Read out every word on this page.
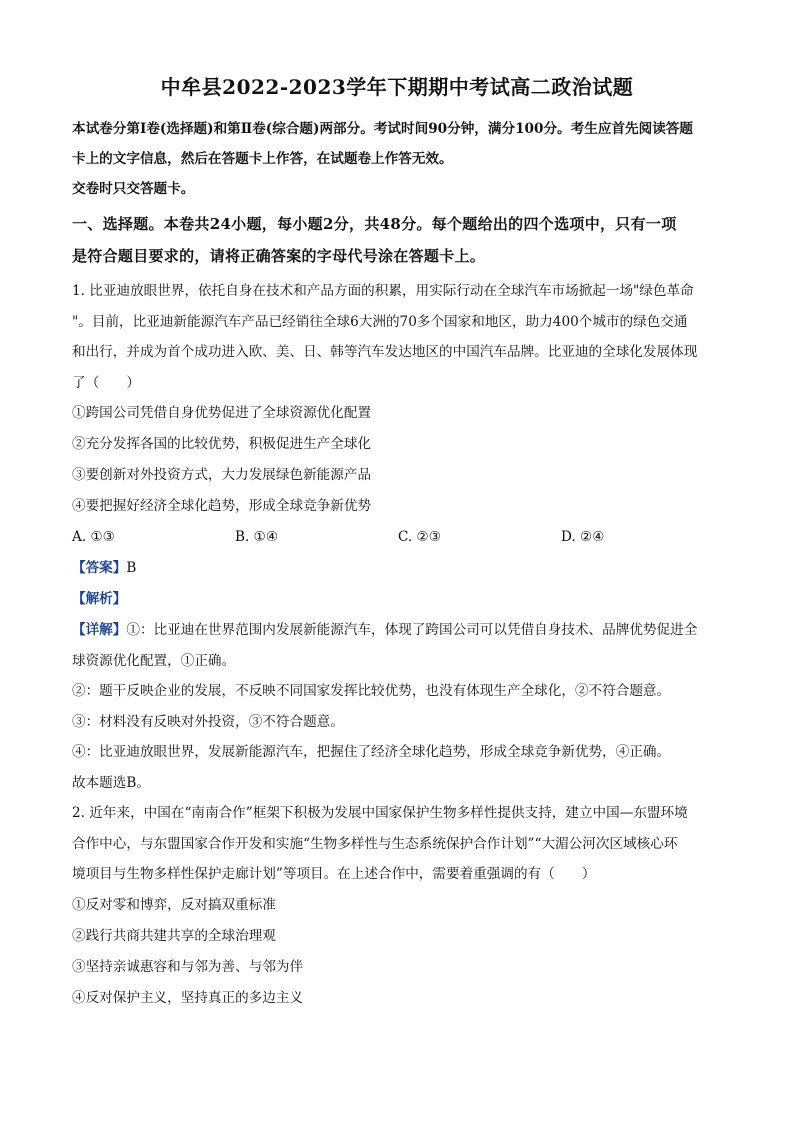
中牟县2022-2023学年下期期中考试高二政治试题

本试卷分第Ⅰ卷(选择题)和第Ⅱ卷(综合题)两部分。考试时间90分钟，满分100分。考生应首先阅读答题

卡上的文字信息，然后在答题卡上作答，在试题卷上作答无效。

交卷时只交答题卡。

一、选择题。本卷共24小题，每小题2分，共48分。每个题给出的四个选项中，只有一项

是符合题目要求的，请将正确答案的字母代号涂在答题卡上。

1. 比亚迪放眼世界，依托自身在技术和产品方面的积累，用实际行动在全球汽车市场掀起一场"绿色革命

"。目前，比亚迪新能源汽车产品已经销往全球6大洲的70多个国家和地区，助力400个城市的绿色交通

和出行，并成为首个成功进入欧、美、日、韩等汽车发达地区的中国汽车品牌。比亚迪的全球化发展体现

了（　　）

①跨国公司凭借自身优势促进了全球资源优化配置

②充分发挥各国的比较优势，积极促进生产全球化

③要创新对外投资方式，大力发展绿色新能源产品

④要把握好经济全球化趋势，形成全球竞争新优势

A. ①③	B. ①④	C. ②③	D. ②④

【答案】B

【解析】

【详解】①：比亚迪在世界范围内发展新能源汽车，体现了跨国公司可以凭借自身技术、品牌优势促进全

球资源优化配置，①正确。

②：题干反映企业的发展，不反映不同国家发挥比较优势，也没有体现生产全球化，②不符合题意。

③：材料没有反映对外投资，③不符合题意。

④：比亚迪放眼世界，发展新能源汽车，把握住了经济全球化趋势，形成全球竞争新优势，④正确。

故本题选B。

2. 近年来，中国在“南南合作”框架下积极为发展中国家保护生物多样性提供支持，建立中国—东盟环境

合作中心，与东盟国家合作开发和实施“生物多样性与生态系统保护合作计划”“大湄公河次区域核心环

境项目与生物多样性保护走廊计划”等项目。在上述合作中，需要着重强调的有（　　）

①反对零和博弈，反对搞双重标准

②践行共商共建共享的全球治理观

③坚持亲诚惠容和与邻为善、与邻为伴

④反对保护主义，坚持真正的多边主义
